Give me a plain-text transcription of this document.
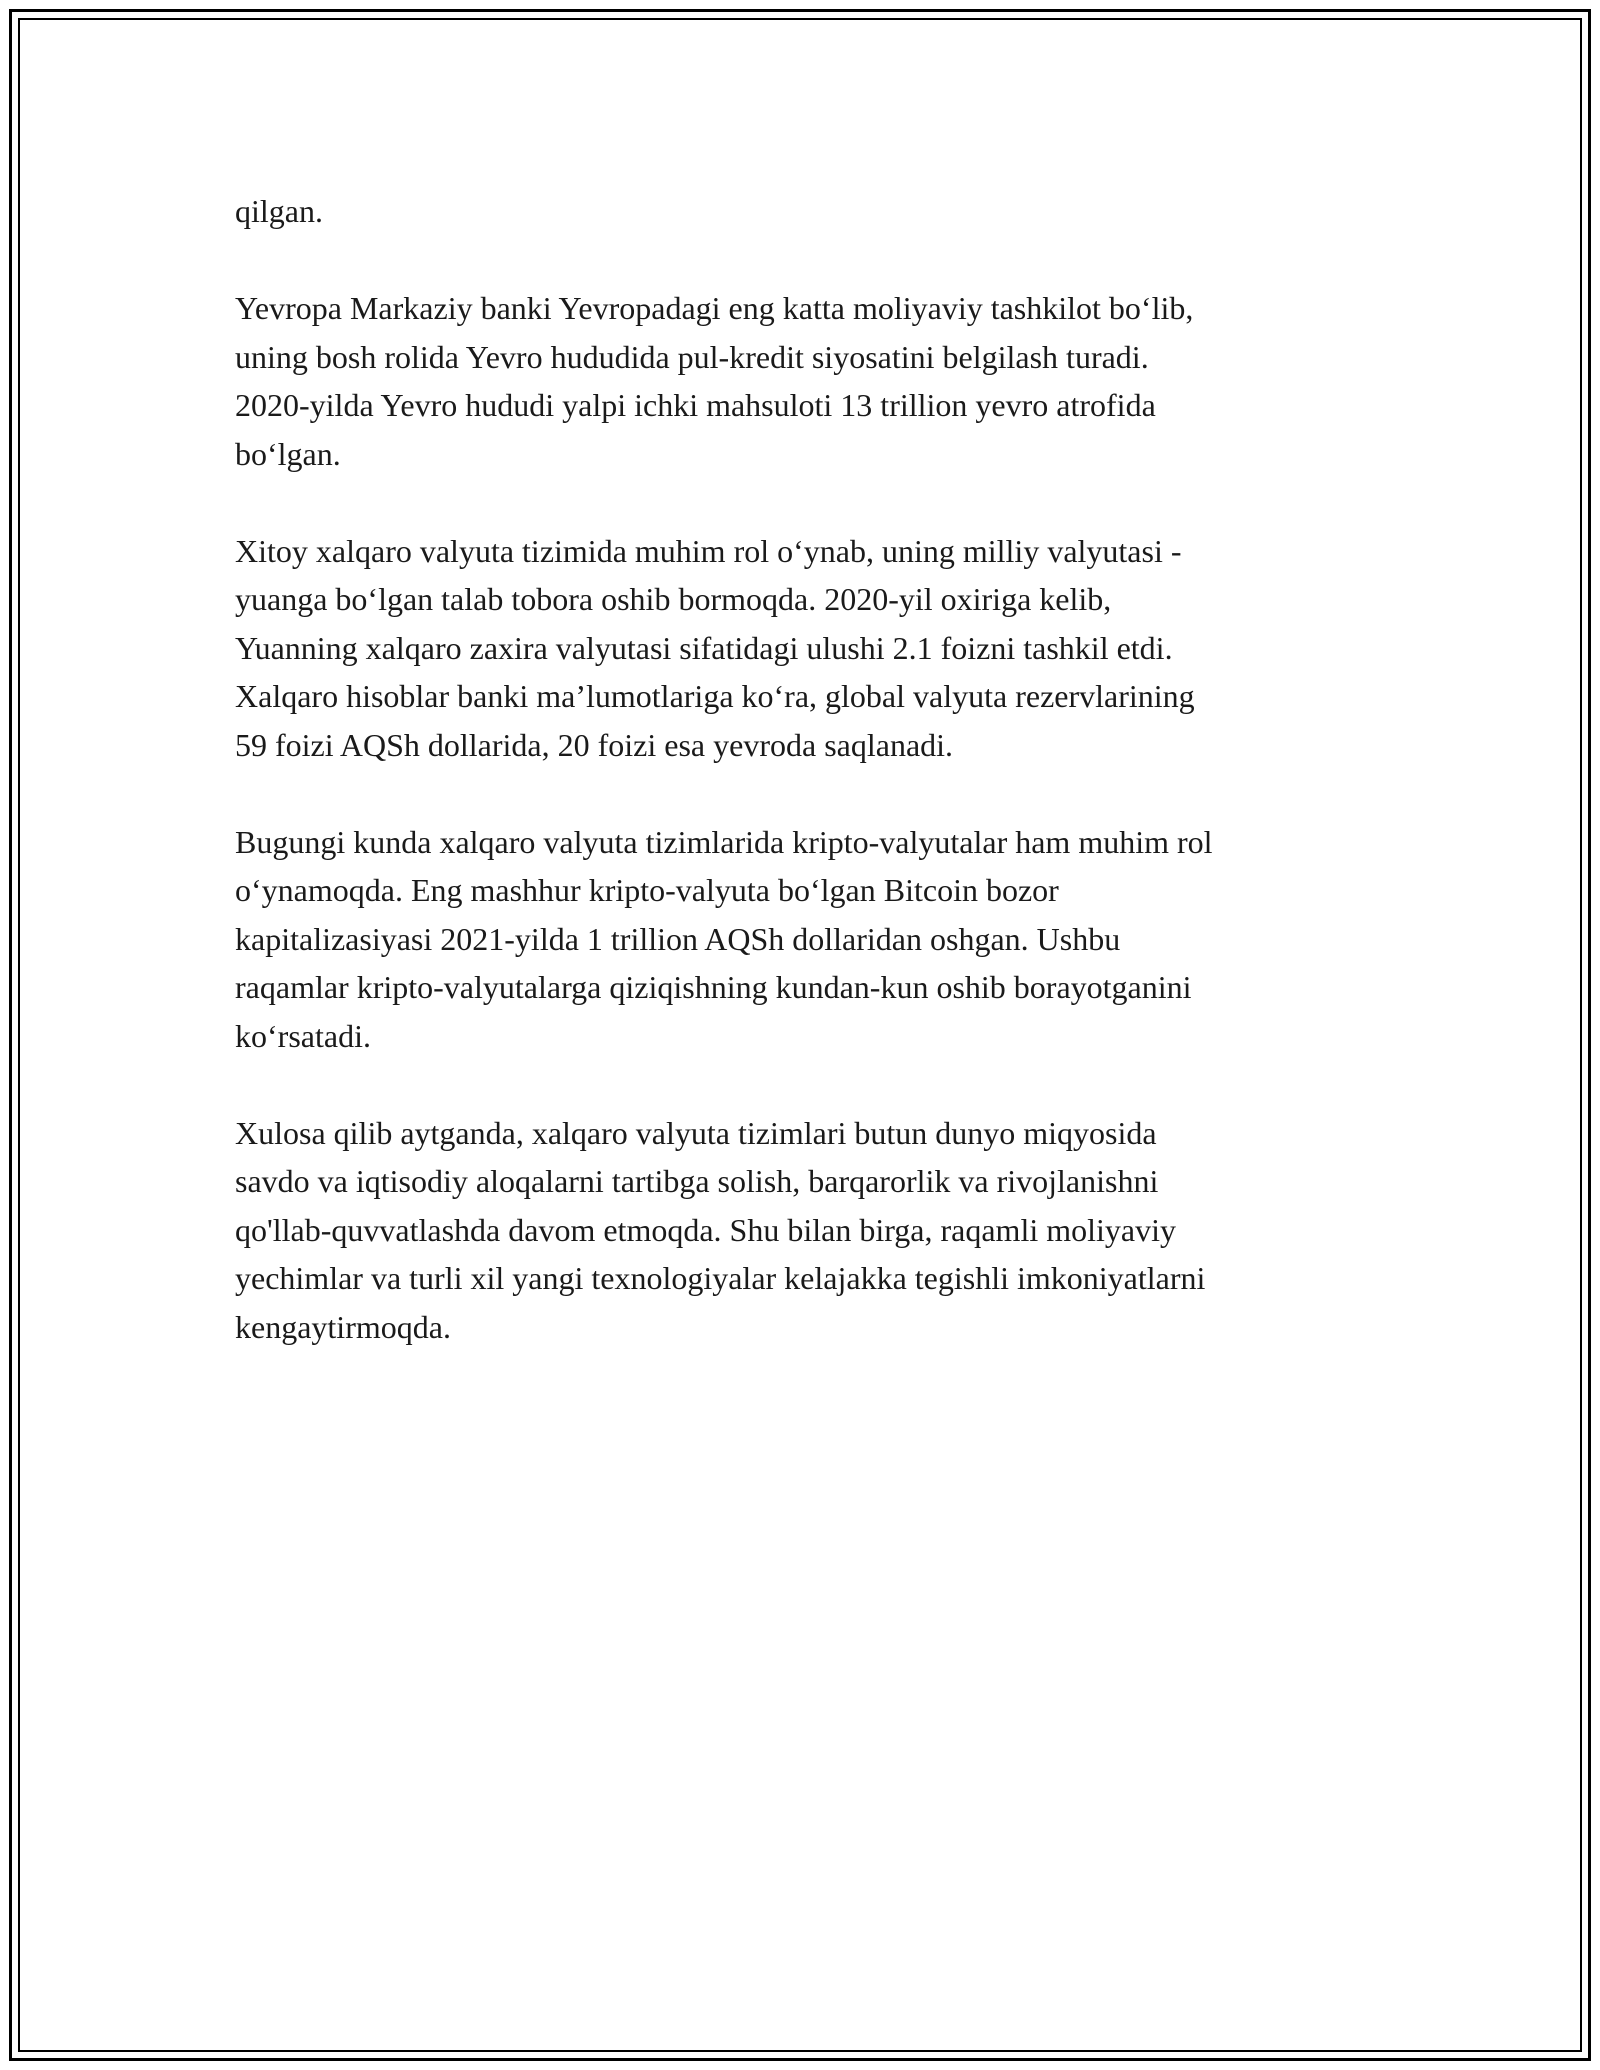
qilgan.

Yevropa Markaziy banki Yevropadagi eng katta moliyaviy tashkilot bo‘lib,
uning bosh rolida Yevro hududida pul-kredit siyosatini belgilash turadi.
2020-yilda Yevro hududi yalpi ichki mahsuloti 13 trillion yevro atrofida
bo‘lgan.

Xitoy xalqaro valyuta tizimida muhim rol o‘ynab, uning milliy valyutasi -
yuanga bo‘lgan talab tobora oshib bormoqda. 2020-yil oxiriga kelib,
Yuanning xalqaro zaxira valyutasi sifatidagi ulushi 2.1 foizni tashkil etdi.
Xalqaro hisoblar banki ma’lumotlariga ko‘ra, global valyuta rezervlarining
59 foizi AQSh dollarida, 20 foizi esa yevroda saqlanadi.

Bugungi kunda xalqaro valyuta tizimlarida kripto-valyutalar ham muhim rol
o‘ynamoqda. Eng mashhur kripto-valyuta bo‘lgan Bitcoin bozor
kapitalizasiyasi 2021-yilda 1 trillion AQSh dollaridan oshgan. Ushbu
raqamlar kripto-valyutalarga qiziqishning kundan-kun oshib borayotganini
ko‘rsatadi.

Xulosa qilib aytganda, xalqaro valyuta tizimlari butun dunyo miqyosida
savdo va iqtisodiy aloqalarni tartibga solish, barqarorlik va rivojlanishni
qo'llab-quvvatlashda davom etmoqda. Shu bilan birga, raqamli moliyaviy
yechimlar va turli xil yangi texnologiyalar kelajakka tegishli imkoniyatlarni
kengaytirmoqda.
